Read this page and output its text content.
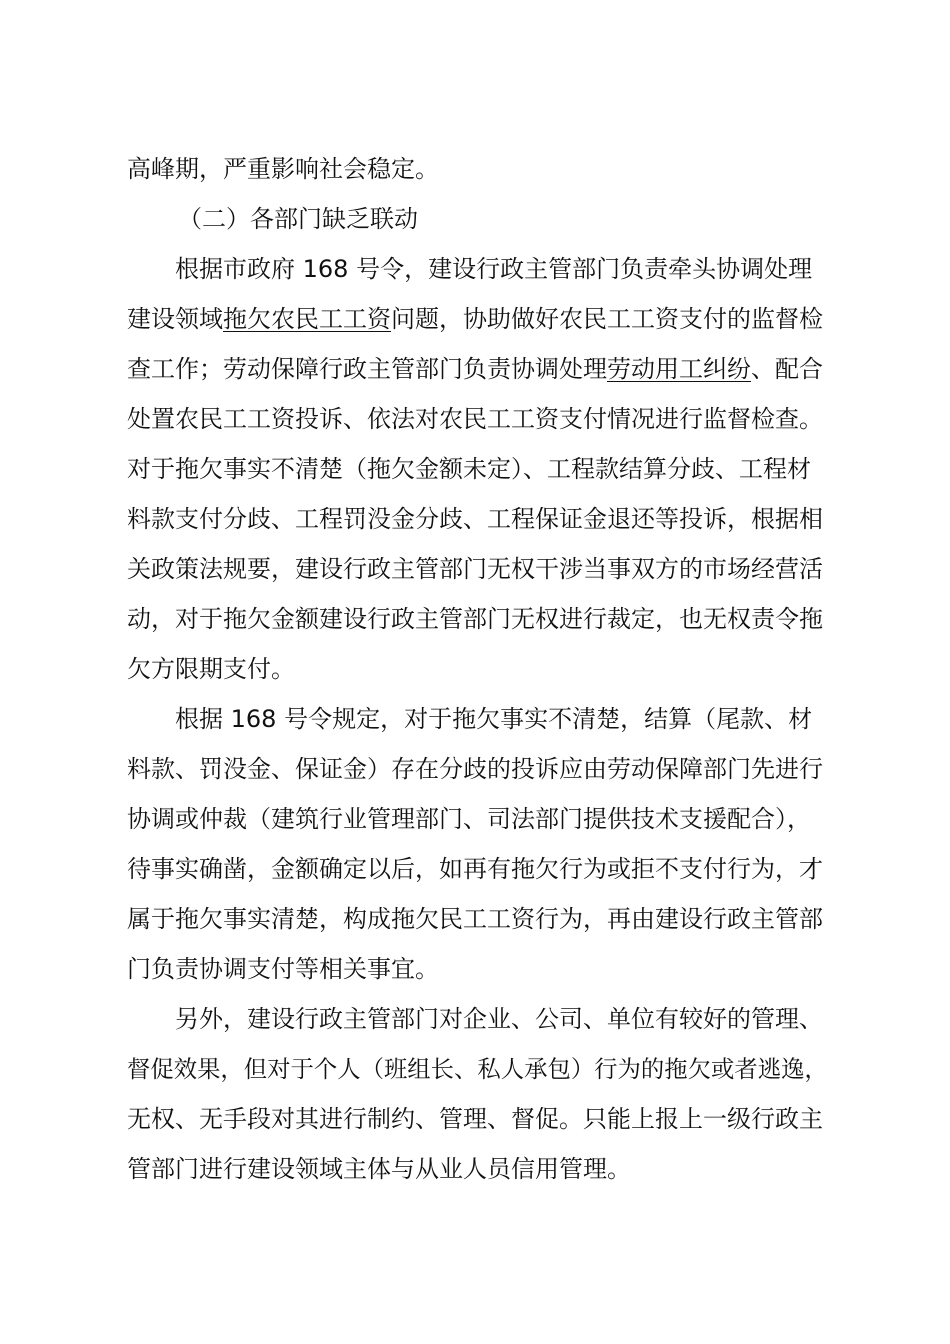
高峰期，严重影响社会稳定。
（二）各部门缺乏联动
根据市政府 168 号令，建设行政主管部门负责牵头协调处理
建设领域拖欠农民工工资问题，协助做好农民工工资支付的监督检
查工作；劳动保障行政主管部门负责协调处理劳动用工纠纷、配合
处置农民工工资投诉、依法对农民工工资支付情况进行监督检查。
对于拖欠事实不清楚（拖欠金额未定）、工程款结算分歧、工程材
料款支付分歧、工程罚没金分歧、工程保证金退还等投诉，根据相
关政策法规要，建设行政主管部门无权干涉当事双方的市场经营活
动，对于拖欠金额建设行政主管部门无权进行裁定，也无权责令拖
欠方限期支付。
根据 168 号令规定，对于拖欠事实不清楚，结算（尾款、材
料款、罚没金、保证金）存在分歧的投诉应由劳动保障部门先进行
协调或仲裁（建筑行业管理部门、司法部门提供技术支援配合），
待事实确凿，金额确定以后，如再有拖欠行为或拒不支付行为，才
属于拖欠事实清楚，构成拖欠民工工资行为，再由建设行政主管部
门负责协调支付等相关事宜。
另外，建设行政主管部门对企业、公司、单位有较好的管理、
督促效果，但对于个人（班组长、私人承包）行为的拖欠或者逃逸，
无权、无手段对其进行制约、管理、督促。只能上报上一级行政主
管部门进行建设领域主体与从业人员信用管理。
